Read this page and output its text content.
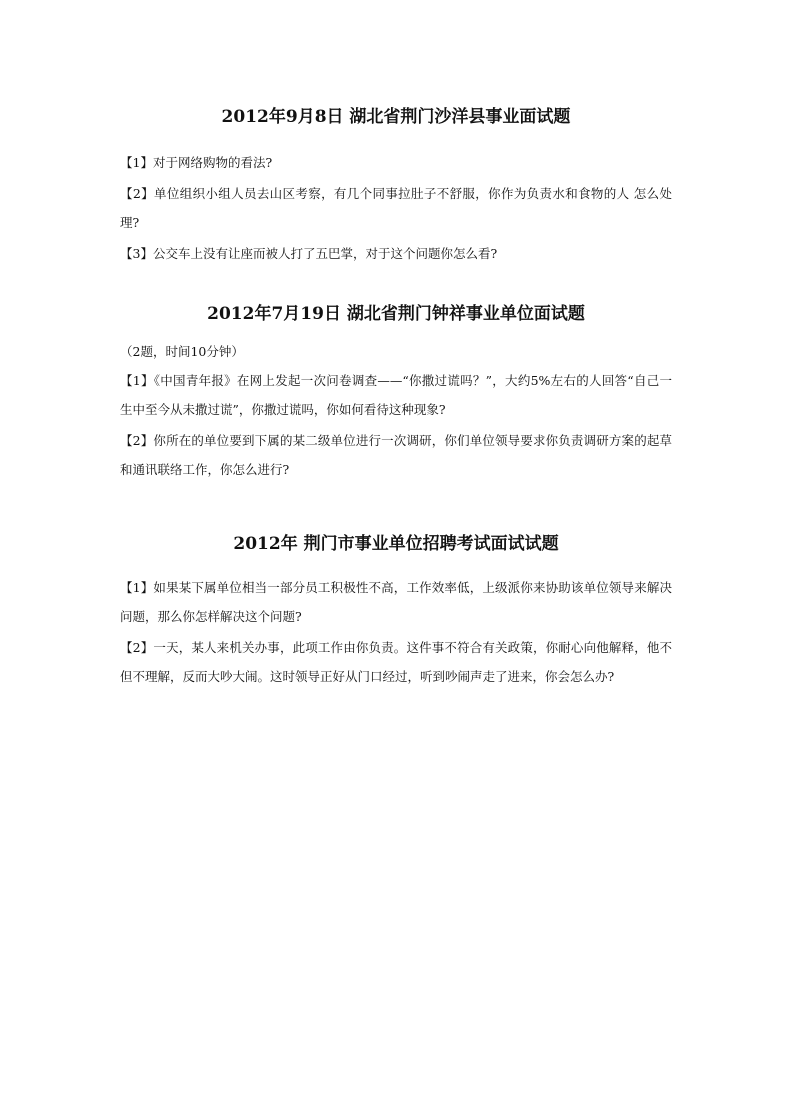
2012年9月8日 湖北省荆门沙洋县事业面试题

【1】对于网络购物的看法?

【2】单位组织小组人员去山区考察，有几个同事拉肚子不舒服，你作为负责水和食物的人 怎么处理?

【3】公交车上没有让座而被人打了五巴掌，对于这个问题你怎么看?

2012年7月19日 湖北省荆门钟祥事业单位面试题

（2题，时间10分钟）

【1】《中国青年报》在网上发起一次问卷调查——“你撒过谎吗？”，大约5%左右的人回答“自己一生中至今从未撒过谎”，你撒过谎吗，你如何看待这种现象?

【2】你所在的单位要到下属的某二级单位进行一次调研，你们单位领导要求你负责调研方案的起草和通讯联络工作，你怎么进行?

2012年 荆门市事业单位招聘考试面试试题

【1】如果某下属单位相当一部分员工积极性不高，工作效率低，上级派你来协助该单位领导来解决问题，那么你怎样解决这个问题?

【2】一天，某人来机关办事，此项工作由你负责。这件事不符合有关政策，你耐心向他解释，他不但不理解，反而大吵大闹。这时领导正好从门口经过，听到吵闹声走了进来，你会怎么办?
